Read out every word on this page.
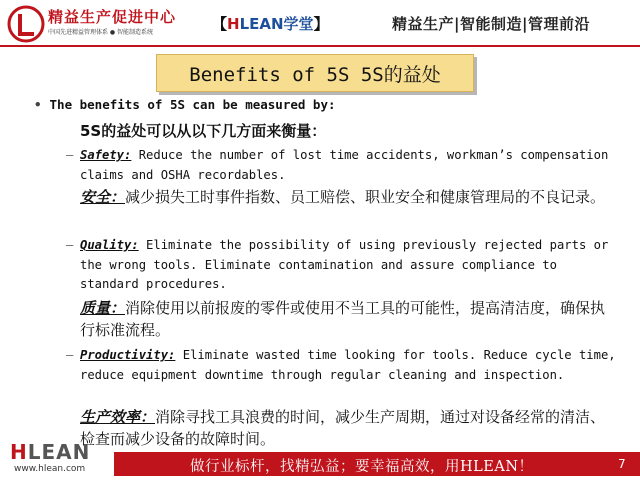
精益生产促进中心
中国先进精益管理体系 ● 智能制造系统	【HLEAN学堂】	精益生产|智能制造|管理前沿
Benefits of 5S 5S的益处
• The benefits of 5S can be measured by:
5S的益处可以从以下几方面来衡量：
– Safety: Reduce the number of lost time accidents, workman’s compensation claims and OSHA recordables.
安全：减少损失工时事件指数、员工赔偿、职业安全和健康管理局的不良记录。
– Quality: Eliminate the possibility of using previously rejected parts or the wrong tools. Eliminate contamination and assure compliance to standard procedures.
质量：消除使用以前报废的零件或使用不当工具的可能性，提高清洁度，确保执行标准流程。
– Productivity: Eliminate wasted time looking for tools. Reduce cycle time, reduce equipment downtime through regular cleaning and inspection.
生产效率：消除寻找工具浪费的时间，减少生产周期，通过对设备经常的清洁、检查而减少设备的故障时间。
HLEAN
www.hlean.com	做行业标杆，找精弘益；要幸福高效，用HLEAN！	7
